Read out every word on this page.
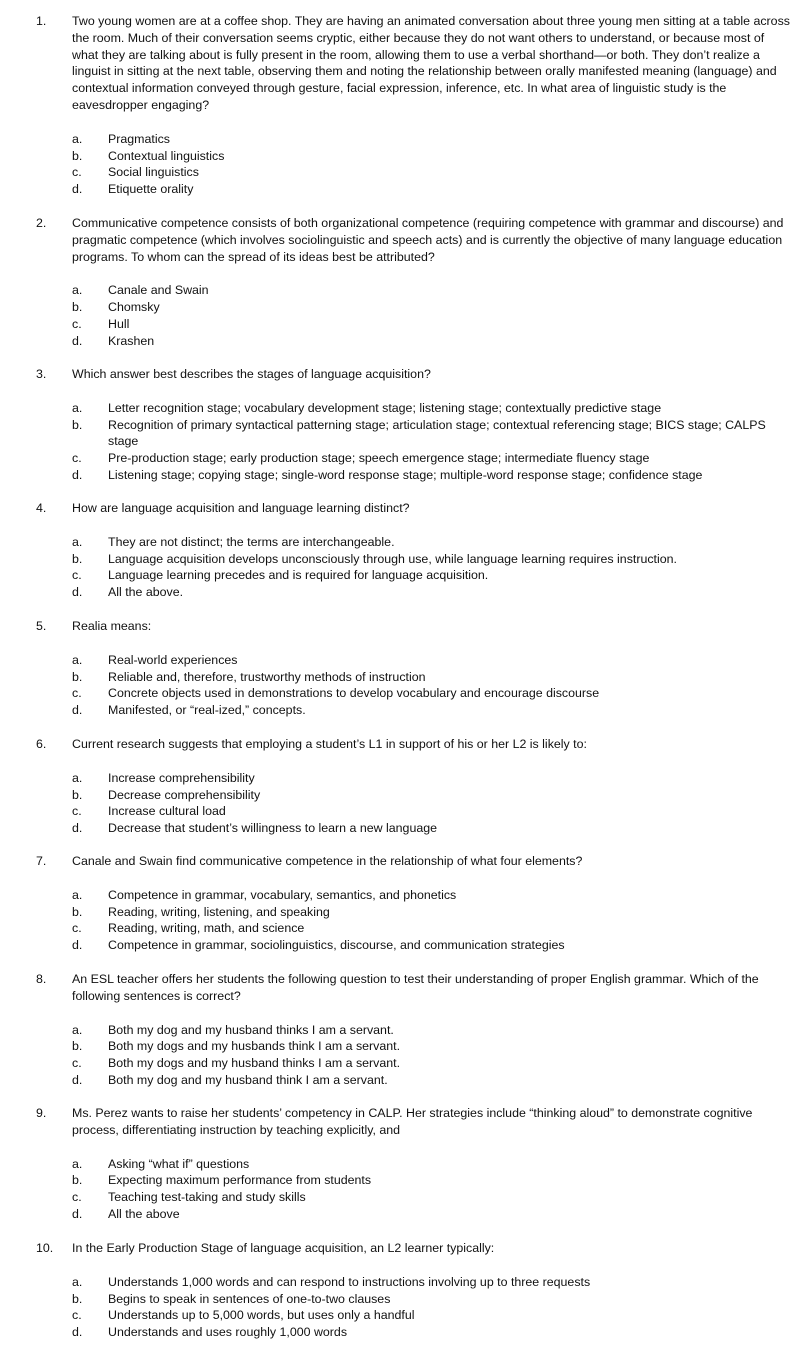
1. Two young women are at a coffee shop. They are having an animated conversation about three young men sitting at a table across the room. Much of their conversation seems cryptic, either because they do not want others to understand, or because most of what they are talking about is fully present in the room, allowing them to use a verbal shorthand—or both. They don’t realize a linguist in sitting at the next table, observing them and noting the relationship between orally manifested meaning (language) and contextual information conveyed through gesture, facial expression, inference, etc. In what area of linguistic study is the eavesdropper engaging?
a. Pragmatics
b. Contextual linguistics
c. Social linguistics
d. Etiquette orality
2. Communicative competence consists of both organizational competence (requiring competence with grammar and discourse) and pragmatic competence (which involves sociolinguistic and speech acts) and is currently the objective of many language education programs. To whom can the spread of its ideas best be attributed?
a. Canale and Swain
b. Chomsky
c. Hull
d. Krashen
3. Which answer best describes the stages of language acquisition?
a. Letter recognition stage; vocabulary development stage; listening stage; contextually predictive stage
b. Recognition of primary syntactical patterning stage; articulation stage; contextual referencing stage; BICS stage; CALPS stage
c. Pre-production stage; early production stage; speech emergence stage; intermediate fluency stage
d. Listening stage; copying stage; single-word response stage; multiple-word response stage; confidence stage
4. How are language acquisition and language learning distinct?
a. They are not distinct; the terms are interchangeable.
b. Language acquisition develops unconsciously through use, while language learning requires instruction.
c. Language learning precedes and is required for language acquisition.
d. All the above.
5. Realia means:
a. Real-world experiences
b. Reliable and, therefore, trustworthy methods of instruction
c. Concrete objects used in demonstrations to develop vocabulary and encourage discourse
d. Manifested, or “real-ized,” concepts.
6. Current research suggests that employing a student’s L1 in support of his or her L2 is likely to:
a. Increase comprehensibility
b. Decrease comprehensibility
c. Increase cultural load
d. Decrease that student’s willingness to learn a new language
7. Canale and Swain find communicative competence in the relationship of what four elements?
a. Competence in grammar, vocabulary, semantics, and phonetics
b. Reading, writing, listening, and speaking
c. Reading, writing, math, and science
d. Competence in grammar, sociolinguistics, discourse, and communication strategies
8. An ESL teacher offers her students the following question to test their understanding of proper English grammar. Which of the following sentences is correct?
a. Both my dog and my husband thinks I am a servant.
b. Both my dogs and my husbands think I am a servant.
c. Both my dogs and my husband thinks I am a servant.
d. Both my dog and my husband think I am a servant.
9. Ms. Perez wants to raise her students’ competency in CALP. Her strategies include “thinking aloud” to demonstrate cognitive process, differentiating instruction by teaching explicitly, and
a. Asking “what if” questions
b. Expecting maximum performance from students
c. Teaching test-taking and study skills
d. All the above
10. In the Early Production Stage of language acquisition, an L2 learner typically:
a. Understands 1,000 words and can respond to instructions involving up to three requests
b. Begins to speak in sentences of one-to-two clauses
c. Understands up to 5,000 words, but uses only a handful
d. Understands and uses roughly 1,000 words
